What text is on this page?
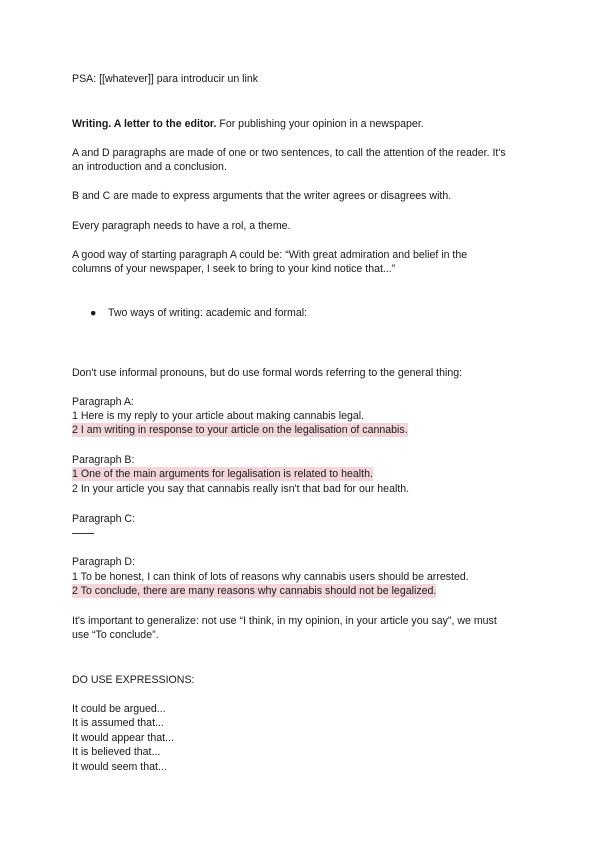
PSA: [[whatever]] para introducir un link
Writing. A letter to the editor. For publishing your opinion in a newspaper.
A and D paragraphs are made of one or two sentences, to call the attention of the reader. It's
an introduction and a conclusion.
B and C are made to express arguments that the writer agrees or disagrees with.
Every paragraph needs to have a rol, a theme.
A good way of starting paragraph A could be: “With great admiration and belief in the
columns of your newspaper, I seek to bring to your kind notice that...”
● Two ways of writing: academic and formal:
Don't use informal pronouns, but do use formal words referring to the general thing:
Paragraph A:
1 Here is my reply to your article about making cannabis legal.
2 I am writing in response to your article on the legalisation of cannabis.
Paragraph B:
1 One of the main arguments for legalisation is related to health.
2 In your article you say that cannabis really isn't that bad for our health.
Paragraph C:
Paragraph D:
1 To be honest, I can think of lots of reasons why cannabis users should be arrested.
2 To conclude, there are many reasons why cannabis should not be legalized.
It's important to generalize: not use “I think, in my opinion, in your article you say”, we must
use “To conclude”.
DO USE EXPRESSIONS:
It could be argued...
It is assumed that...
It would appear that...
It is believed that...
It would seem that...
